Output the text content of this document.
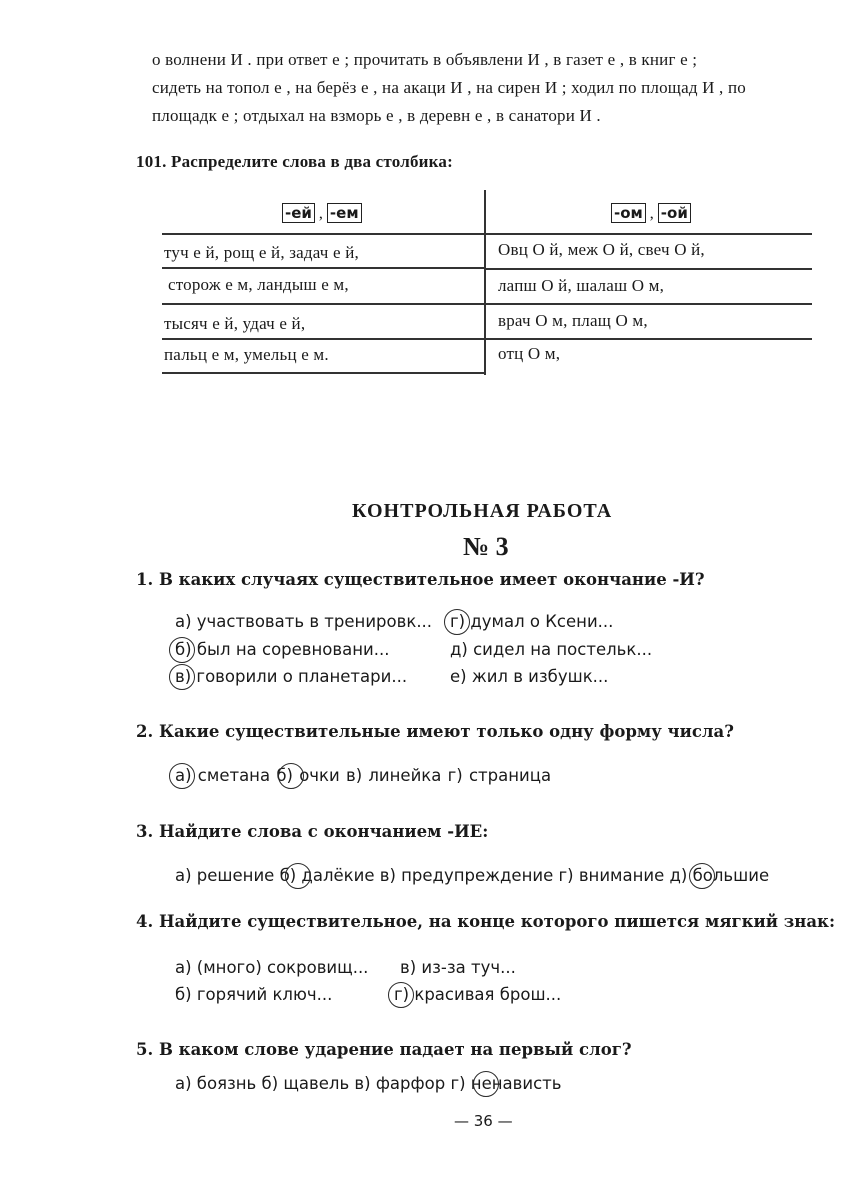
о волнени И . при ответ е ; прочитать в объявлени И , в газет е , в книг е ;
сидеть на топол е , на берёз е , на акаци И , на сирен И ; ходил по площад И , по
площадк е ; отдыхал на взморь е , в деревн е , в санатори И .
101. Распределите слова в два столбика:
-ей , -ем	-ом , -ой
туч е й, рощ е й, задач е й,
сторож е м, ландыш е м,
тысяч е й, удач е й,
пальц е м, умельц е м.
Овц О й, меж О й, свеч О й,
лапш О й, шалаш О м,
врач О м, плащ О м,
отц О м,
КОНТРОЛЬНАЯ РАБОТА
№ 3
1. В каких случаях существительное имеет окончание -И?
а) участвовать в тренировк...
б) был на соревновани...
в) говорили о планетари...
г) думал о Ксени...
д) сидел на постельк...
е) жил в избушк...
2. Какие существительные имеют только одну форму числа?
а) сметана б) очки в) линейка г) страница
3. Найдите слова с окончанием -ИЕ:
а) решение б) далёкие в) предупреждение г) внимание д) большие
4. Найдите существительное, на конце которого пишется мягкий знак:
а) (много) сокровищ...
б) горячий ключ...
в) из-за туч...
г) красивая брош...
5. В каком слове ударение падает на первый слог?
а) боязнь б) щавель в) фарфор г) ненависть
— 36 —
